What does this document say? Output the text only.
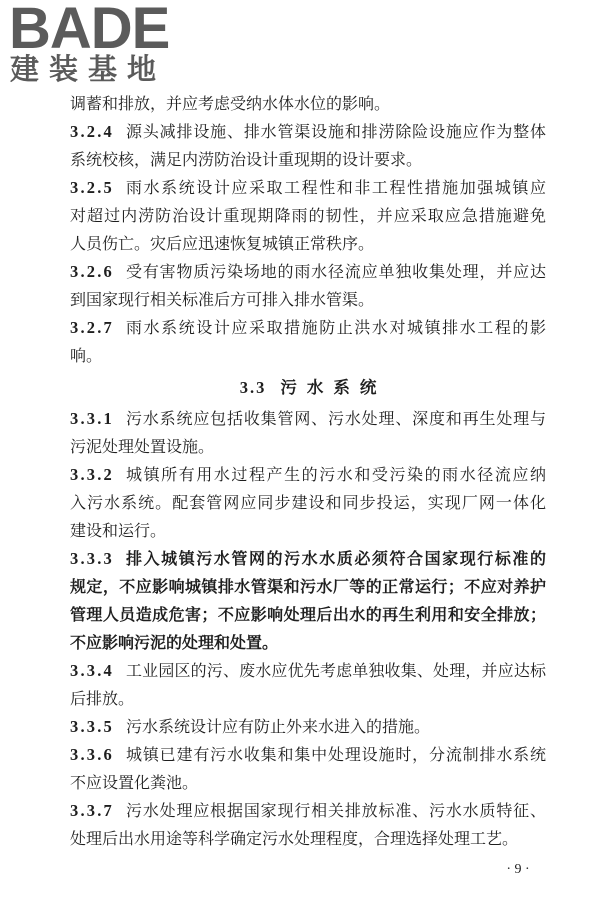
BADE
建装基地
调蓄和排放，并应考虑受纳水体水位的影响。
3.2.4 源头减排设施、排水管渠设施和排涝除险设施应作为整体
系统校核，满足内涝防治设计重现期的设计要求。
3.2.5 雨水系统设计应采取工程性和非工程性措施加强城镇应
对超过内涝防治设计重现期降雨的韧性，并应采取应急措施避免
人员伤亡。灾后应迅速恢复城镇正常秩序。
3.2.6 受有害物质污染场地的雨水径流应单独收集处理，并应达
到国家现行相关标准后方可排入排水管渠。
3.2.7 雨水系统设计应采取措施防止洪水对城镇排水工程的影
响。
3.3 污水系统
3.3.1 污水系统应包括收集管网、污水处理、深度和再生处理与
污泥处理处置设施。
3.3.2 城镇所有用水过程产生的污水和受污染的雨水径流应纳
入污水系统。配套管网应同步建设和同步投运，实现厂网一体化
建设和运行。
3.3.3 排入城镇污水管网的污水水质必须符合国家现行标准的
规定，不应影响城镇排水管渠和污水厂等的正常运行；不应对养护
管理人员造成危害；不应影响处理后出水的再生利用和安全排放；
不应影响污泥的处理和处置。
3.3.4 工业园区的污、废水应优先考虑单独收集、处理，并应达标
后排放。
3.3.5 污水系统设计应有防止外来水进入的措施。
3.3.6 城镇已建有污水收集和集中处理设施时，分流制排水系统
不应设置化粪池。
3.3.7 污水处理应根据国家现行相关排放标准、污水水质特征、
处理后出水用途等科学确定污水处理程度，合理选择处理工艺。
· 9 ·
